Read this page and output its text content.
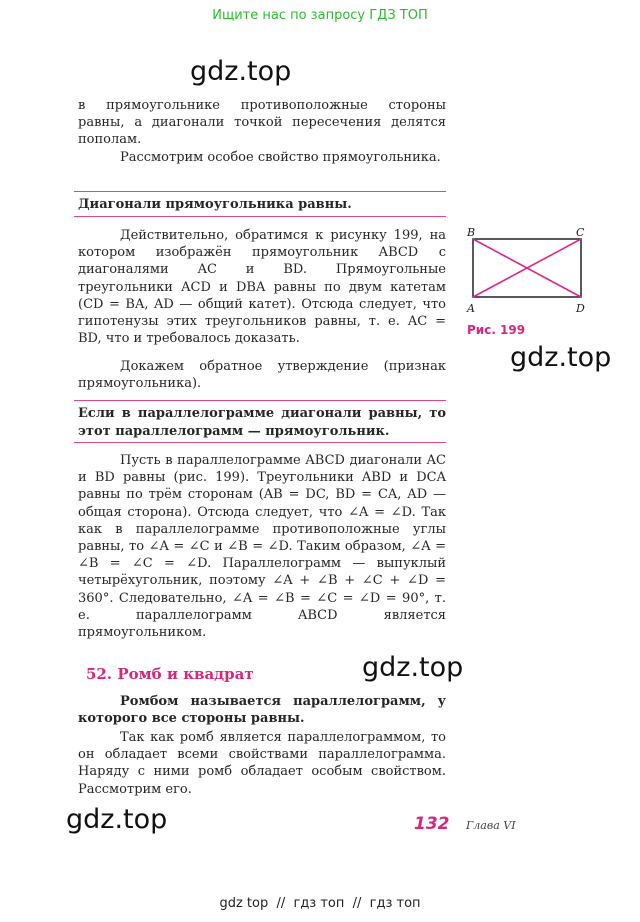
Ищите нас по запросу ГДЗ ТОП
gdz.top
в прямоугольнике противоположные стороны равны, а диагонали точкой пересечения делятся пополам.
Рассмотрим особое свойство прямоугольника.
Диагонали прямоугольника равны.
Действительно, обратимся к рисунку 199, на котором изображён прямоугольник ABCD с диагоналями AC и BD. Прямоугольные треугольники ACD и DBA равны по двум катетам (CD = BA, AD — общий катет). Отсюда следует, что гипотенузы этих треугольников равны, т. е. AC = BD, что и требовалось доказать.
Докажем обратное утверждение (признак прямоугольника).
Если в параллелограмме диагонали равны, то этот параллелограмм — прямоугольник.
Пусть в параллелограмме ABCD диагонали AC и BD равны (рис. 199). Треугольники ABD и DCA равны по трём сторонам (AB = DC, BD = CA, AD — общая сторона). Отсюда следует, что ∠A = ∠D. Так как в параллелограмме противоположные углы равны, то ∠A = ∠C и ∠B = ∠D. Таким образом, ∠A = ∠B = ∠C = ∠D. Параллелограмм — выпуклый четырёхугольник, поэтому ∠A + ∠B + ∠C + ∠D = 360°. Следовательно, ∠A = ∠B = ∠C = ∠D = 90°, т. е. параллелограмм ABCD является прямоугольником.
B	C
A	D
Рис. 199
gdz.top
52. Ромб и квадрат	gdz.top
Ромбом называется параллелограмм, у которого все стороны равны.
Так как ромб является параллелограммом, то он обладает всеми свойствами параллелограмма. Наряду с ними ромб обладает особым свойством. Рассмотрим его.
gdz.top	132 Глава VI
gdz top  //  гдз топ  //  гдз топ
